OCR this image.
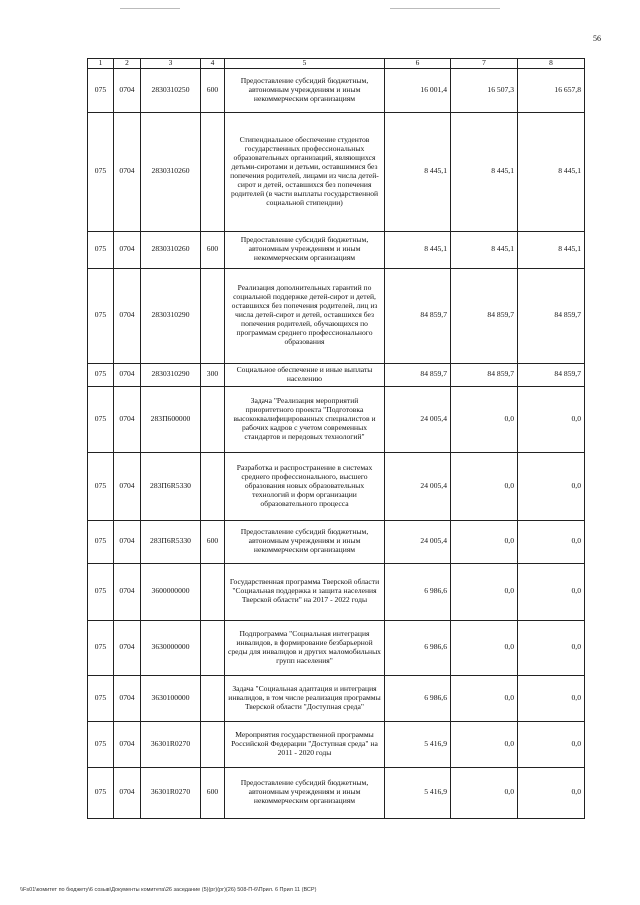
56
1	2	3	4	5	6	7	8
075	0704	2830310250	600	Предоставление субсидий бюджетным, автономным учреждениям и иным некоммерческим организациям	16 001,4	16 507,3	16 657,8
075	0704	2830310260		Стипендиальное обеспечение студентов государственных профессиональных образовательных организаций, являющихся детьми-сиротами и детьми, оставшимися без попечения родителей, лицами из числа детей-сирот и детей, оставшихся без попечения родителей (в части выплаты государственной социальной стипендии)	8 445,1	8 445,1	8 445,1
075	0704	2830310260	600	Предоставление субсидий бюджетным, автономным учреждениям и иным некоммерческим организациям	8 445,1	8 445,1	8 445,1
075	0704	2830310290		Реализация дополнительных гарантий по социальной поддержке детей-сирот и детей, оставшихся без попечения родителей, лиц из числа детей-сирот и детей, оставшихся без попечения родителей, обучающихся по программам среднего профессионального образования	84 859,7	84 859,7	84 859,7
075	0704	2830310290	300	Социальное обеспечение и иные выплаты населению	84 859,7	84 859,7	84 859,7
075	0704	283П600000		Задача "Реализация мероприятий приоритетного проекта "Подготовка высококвалифицированных специалистов и рабочих кадров с учетом современных стандартов и передовых технологий"	24 005,4	0,0	0,0
075	0704	283П6R5330		Разработка и распространение в системах среднего профессионального, высшего образования новых образовательных технологий и форм организации образовательного процесса	24 005,4	0,0	0,0
075	0704	283П6R5330	600	Предоставление субсидий бюджетным, автономным учреждениям и иным некоммерческим организациям	24 005,4	0,0	0,0
075	0704	3600000000		Государственная программа Тверской области "Социальная поддержка и защита населения Тверской области" на 2017 - 2022 годы	6 986,6	0,0	0,0
075	0704	3630000000		Подпрограмма "Социальная интеграция инвалидов, в формирование безбарьерной среды для инвалидов и других маломобильных групп населения"	6 986,6	0,0	0,0
075	0704	3630100000		Задача "Социальная адаптация и интеграция инвалидов, в том числе реализация программы Тверской области "Доступная среда"	6 986,6	0,0	0,0
075	0704	36301R0270		Мероприятия государственной программы Российской Федерации "Доступная среда" на 2011 - 2020 годы	5 416,9	0,0	0,0
075	0704	36301R0270	600	Предоставление субсидий бюджетным, автономным учреждениям и иным некоммерческим организациям	5 416,9	0,0	0,0
\\Fs01\комитет по бюджету\6 созыв\Документы комитета\26 заседание (5)(рг)(рг)(26) 508-П-6\Прил. 6 Прил 11 (ВСР)
